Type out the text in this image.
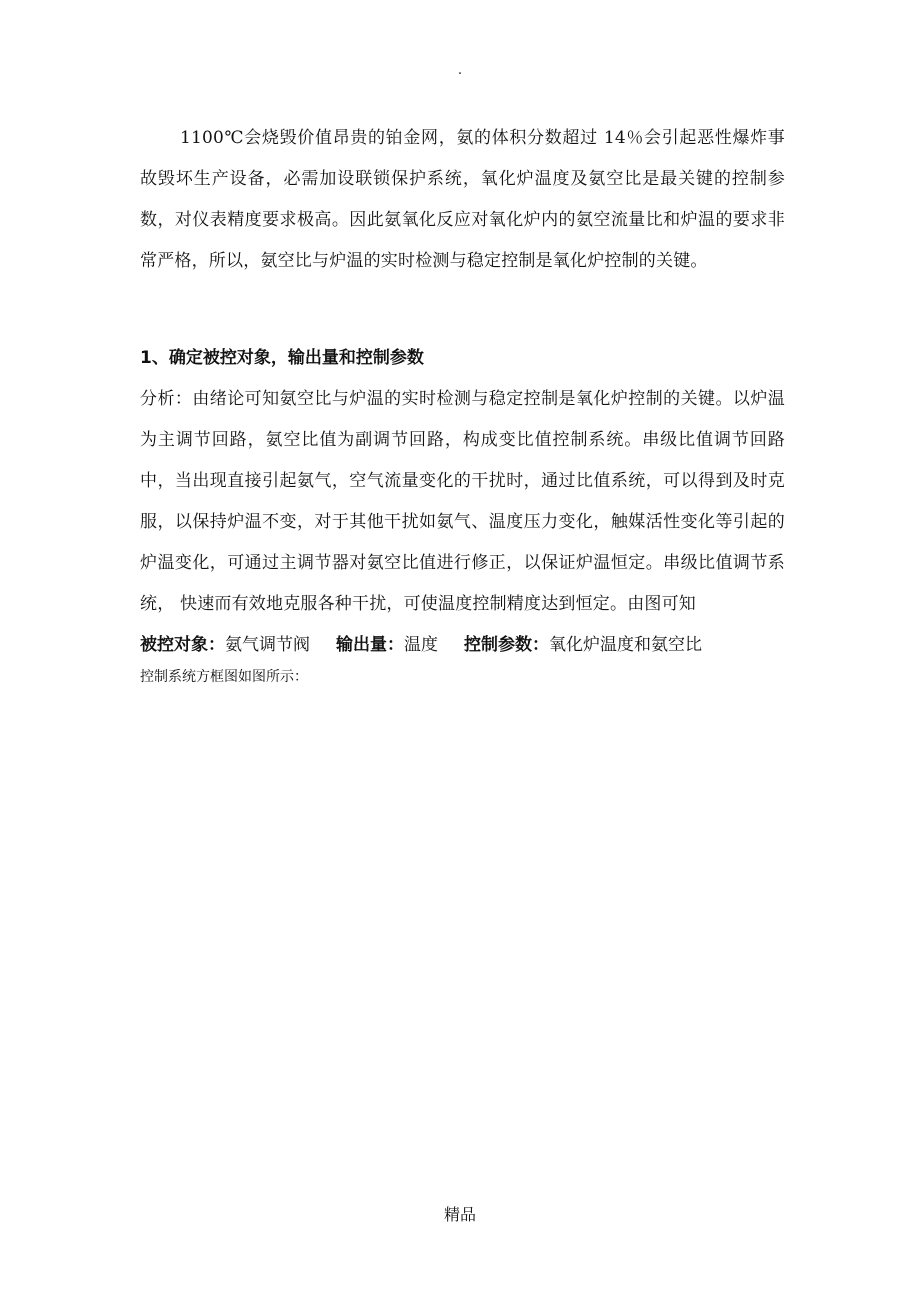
.

1100℃会烧毁价值昂贵的铂金网，氨的体积分数超过 14％会引起恶性爆炸事故毁坏生产设备，必需加设联锁保护系统，氧化炉温度及氨空比是最关键的控制参数，对仪表精度要求极高。因此氨氧化反应对氧化炉内的氨空流量比和炉温的要求非常严格，所以，氨空比与炉温的实时检测与稳定控制是氧化炉控制的关键。

1、确定被控对象，输出量和控制参数

分析：由绪论可知氨空比与炉温的实时检测与稳定控制是氧化炉控制的关键。以炉温为主调节回路，氨空比值为副调节回路，构成变比值控制系统。串级比值调节回路中，当出现直接引起氨气，空气流量变化的干扰时，通过比值系统，可以得到及时克服，以保持炉温不变，对于其他干扰如氨气、温度压力变化，触媒活性变化等引起的炉温变化，可通过主调节器对氨空比值进行修正，以保证炉温恒定。串级比值调节系统， 快速而有效地克服各种干扰，可使温度控制精度达到恒定。由图可知

被控对象：氨气调节阀 输出量：温度 控制参数：氧化炉温度和氨空比

控制系统方框图如图所示：

精品
